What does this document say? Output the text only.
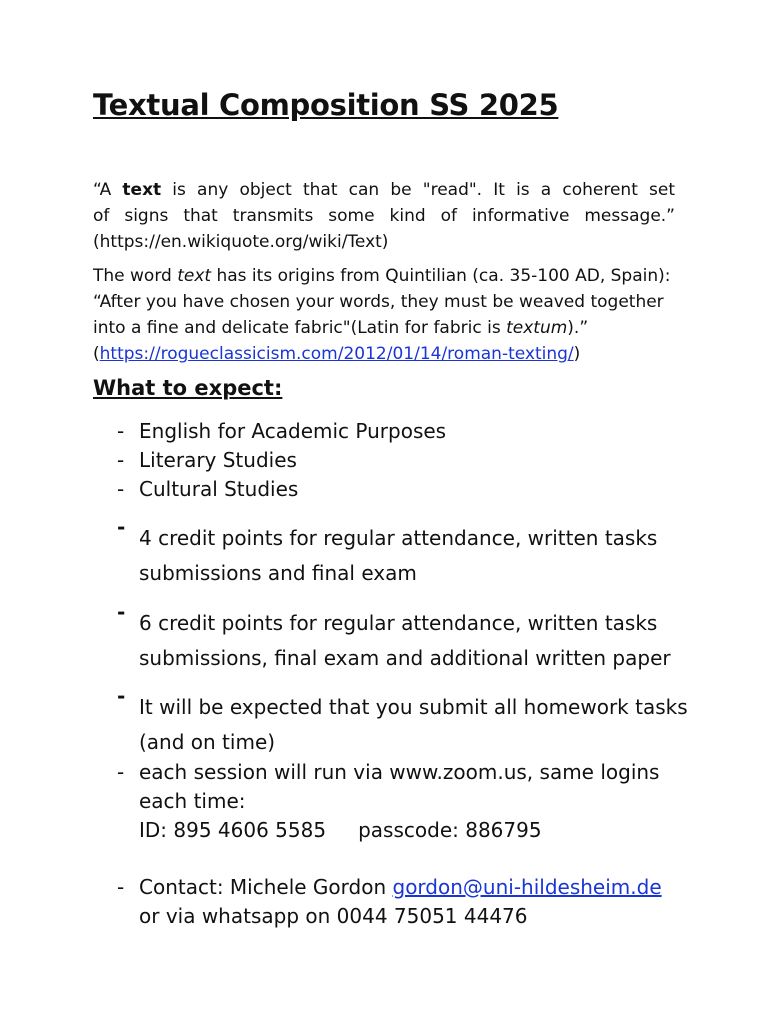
Textual Composition SS 2025

“A text is any object that can be "read". It is a coherent set
of signs that transmits some kind of informative message.”
(https://en.wikiquote.org/wiki/Text)

The word text has its origins from Quintilian (ca. 35-100 AD, Spain):
“After you have chosen your words, they must be weaved together
into a fine and delicate fabric"(Latin for fabric is textum).”
(https://rogueclassicism.com/2012/01/14/roman-texting/)

What to expect:
- English for Academic Purposes
- Literary Studies
- Cultural Studies
- 4 credit points for regular attendance, written tasks
submissions and final exam
- 6 credit points for regular attendance, written tasks
submissions, final exam and additional written paper
- It will be expected that you submit all homework tasks
(and on time)
- each session will run via www.zoom.us, same logins
each time:
ID: 895 4606 5585 passcode: 886795
- Contact: Michele Gordon gordon@uni-hildesheim.de
or via whatsapp on 0044 75051 44476
